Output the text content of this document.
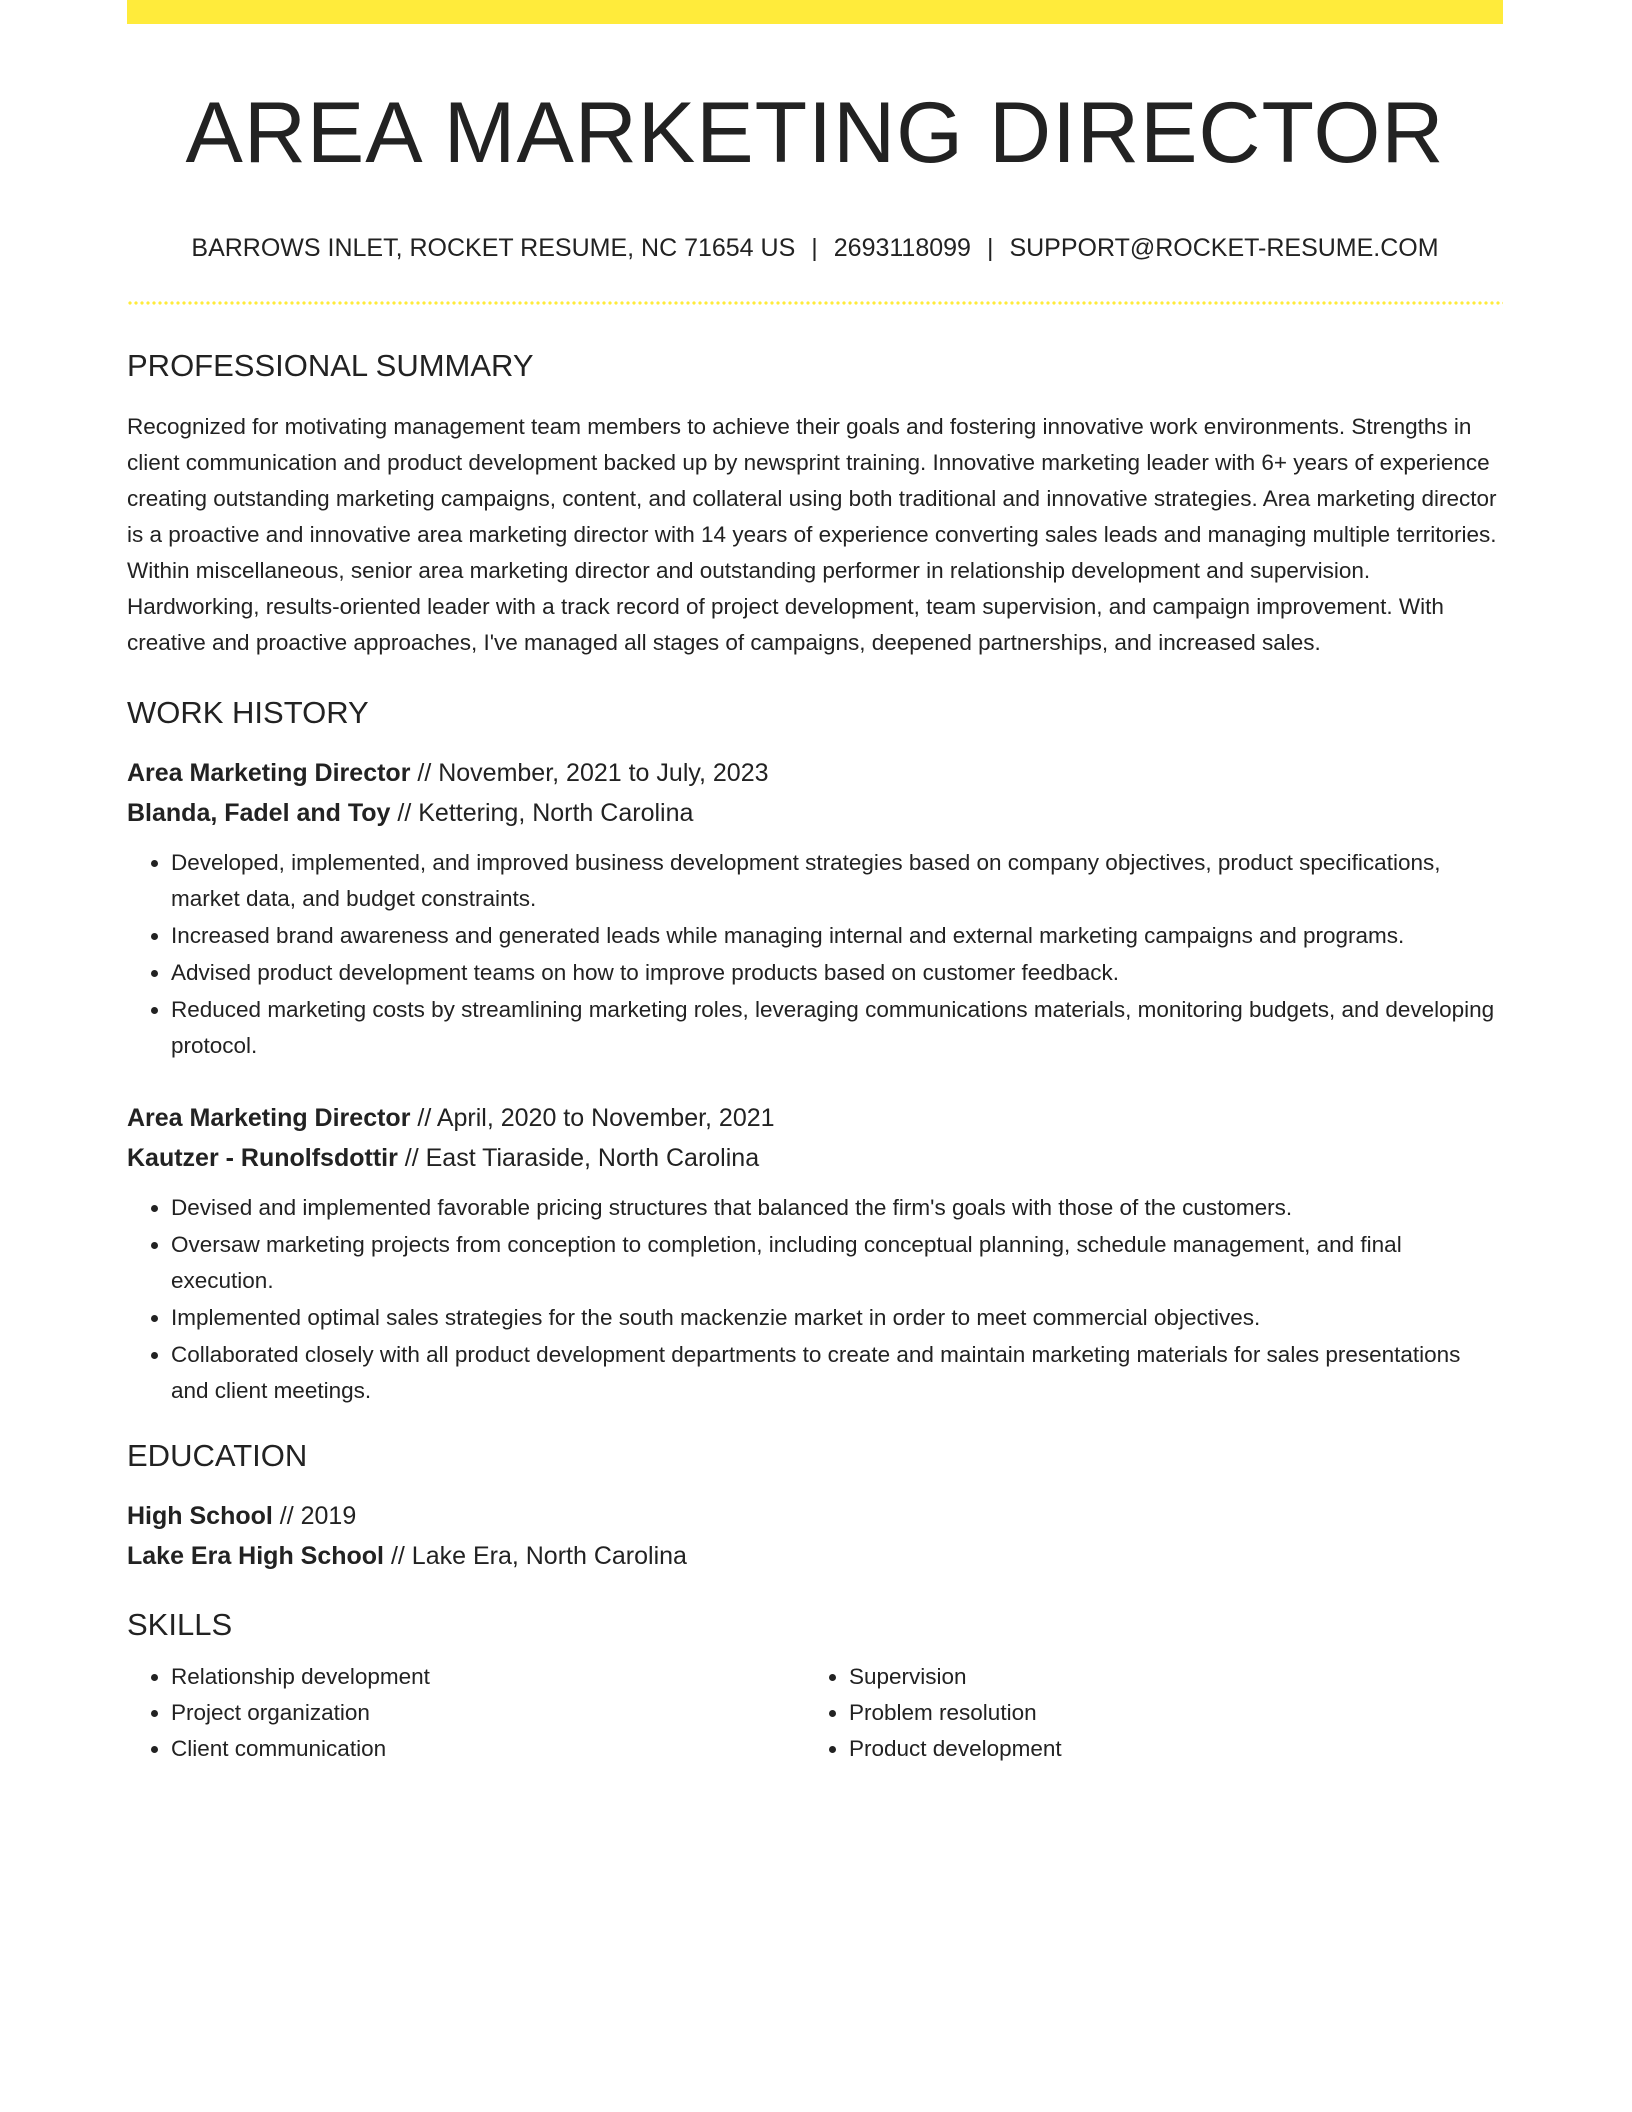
AREA MARKETING DIRECTOR
BARROWS INLET, ROCKET RESUME, NC 71654 US | 2693118099 | SUPPORT@ROCKET-RESUME.COM
PROFESSIONAL SUMMARY

Recognized for motivating management team members to achieve their goals and fostering innovative work environments. Strengths in client communication and product development backed up by newsprint training. Innovative marketing leader with 6+ years of experience creating outstanding marketing campaigns, content, and collateral using both traditional and innovative strategies. Area marketing director is a proactive and innovative area marketing director with 14 years of experience converting sales leads and managing multiple territories. Within miscellaneous, senior area marketing director and outstanding performer in relationship development and supervision. Hardworking, results-oriented leader with a track record of project development, team supervision, and campaign improvement. With creative and proactive approaches, I've managed all stages of campaigns, deepened partnerships, and increased sales.

WORK HISTORY
Area Marketing Director // November, 2021 to July, 2023
Blanda, Fadel and Toy // Kettering, North Carolina
• Developed, implemented, and improved business development strategies based on company objectives, product specifications, market data, and budget constraints.
• Increased brand awareness and generated leads while managing internal and external marketing campaigns and programs.
• Advised product development teams on how to improve products based on customer feedback.
• Reduced marketing costs by streamlining marketing roles, leveraging communications materials, monitoring budgets, and developing protocol.
Area Marketing Director // April, 2020 to November, 2021
Kautzer - Runolfsdottir // East Tiaraside, North Carolina
• Devised and implemented favorable pricing structures that balanced the firm's goals with those of the customers.
• Oversaw marketing projects from conception to completion, including conceptual planning, schedule management, and final execution.
• Implemented optimal sales strategies for the south mackenzie market in order to meet commercial objectives.
• Collaborated closely with all product development departments to create and maintain marketing materials for sales presentations and client meetings.
EDUCATION
High School // 2019
Lake Era High School // Lake Era, North Carolina
SKILLS
• Relationship development
• Project organization
• Client communication
• Supervision
• Problem resolution
• Product development
